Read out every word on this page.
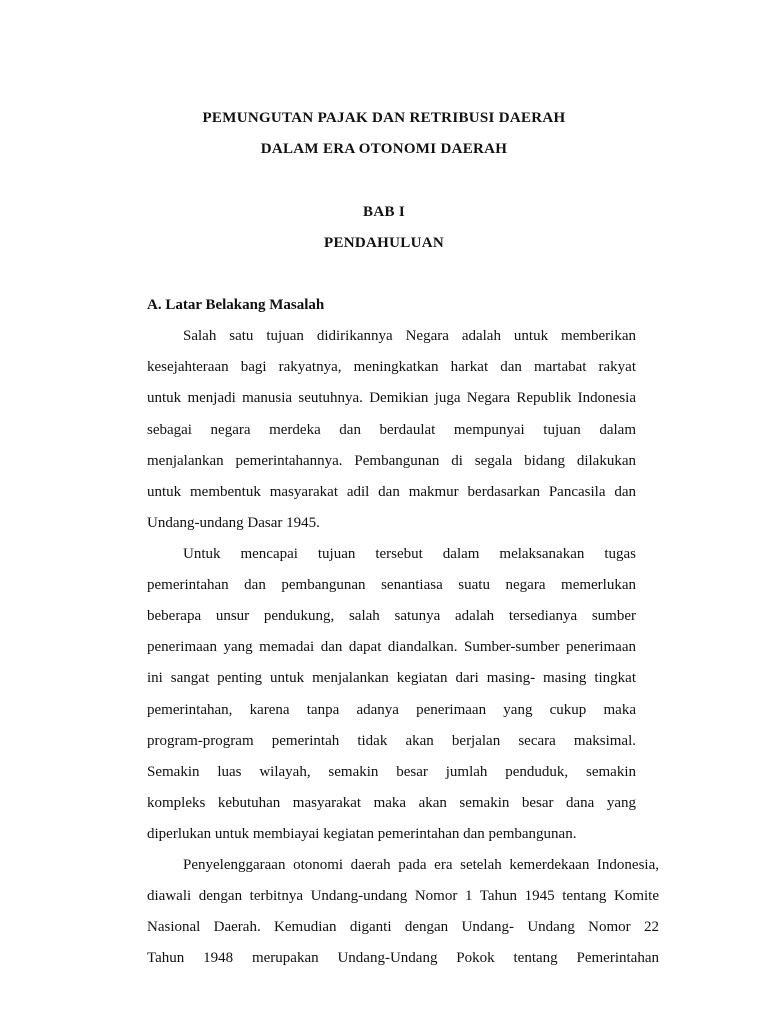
PEMUNGUTAN PAJAK DAN RETRIBUSI DAERAH
DALAM ERA OTONOMI DAERAH
BAB I
PENDAHULUAN
A. Latar Belakang Masalah
Salah satu tujuan didirikannya Negara adalah untuk memberikan
kesejahteraan bagi rakyatnya, meningkatkan harkat dan martabat rakyat
untuk menjadi manusia seutuhnya. Demikian juga Negara Republik Indonesia
sebagai negara merdeka dan berdaulat mempunyai tujuan dalam
menjalankan pemerintahannya. Pembangunan di segala bidang dilakukan
untuk membentuk masyarakat adil dan makmur berdasarkan Pancasila dan
Undang-undang Dasar 1945.
Untuk mencapai tujuan tersebut dalam melaksanakan tugas
pemerintahan dan pembangunan senantiasa suatu negara memerlukan
beberapa unsur pendukung, salah satunya adalah tersedianya sumber
penerimaan yang memadai dan dapat diandalkan. Sumber-sumber penerimaan
ini sangat penting untuk menjalankan kegiatan dari masing- masing tingkat
pemerintahan, karena tanpa adanya penerimaan yang cukup maka
program-program pemerintah tidak akan berjalan secara maksimal.
Semakin luas wilayah, semakin besar jumlah penduduk, semakin
kompleks kebutuhan masyarakat maka akan semakin besar dana yang
diperlukan untuk membiayai kegiatan pemerintahan dan pembangunan.
Penyelenggaraan otonomi daerah pada era setelah kemerdekaan Indonesia,
diawali dengan terbitnya Undang-undang Nomor 1 Tahun 1945 tentang Komite
Nasional Daerah. Kemudian diganti dengan Undang- Undang Nomor 22
Tahun 1948 merupakan Undang-Undang Pokok tentang Pemerintahan
